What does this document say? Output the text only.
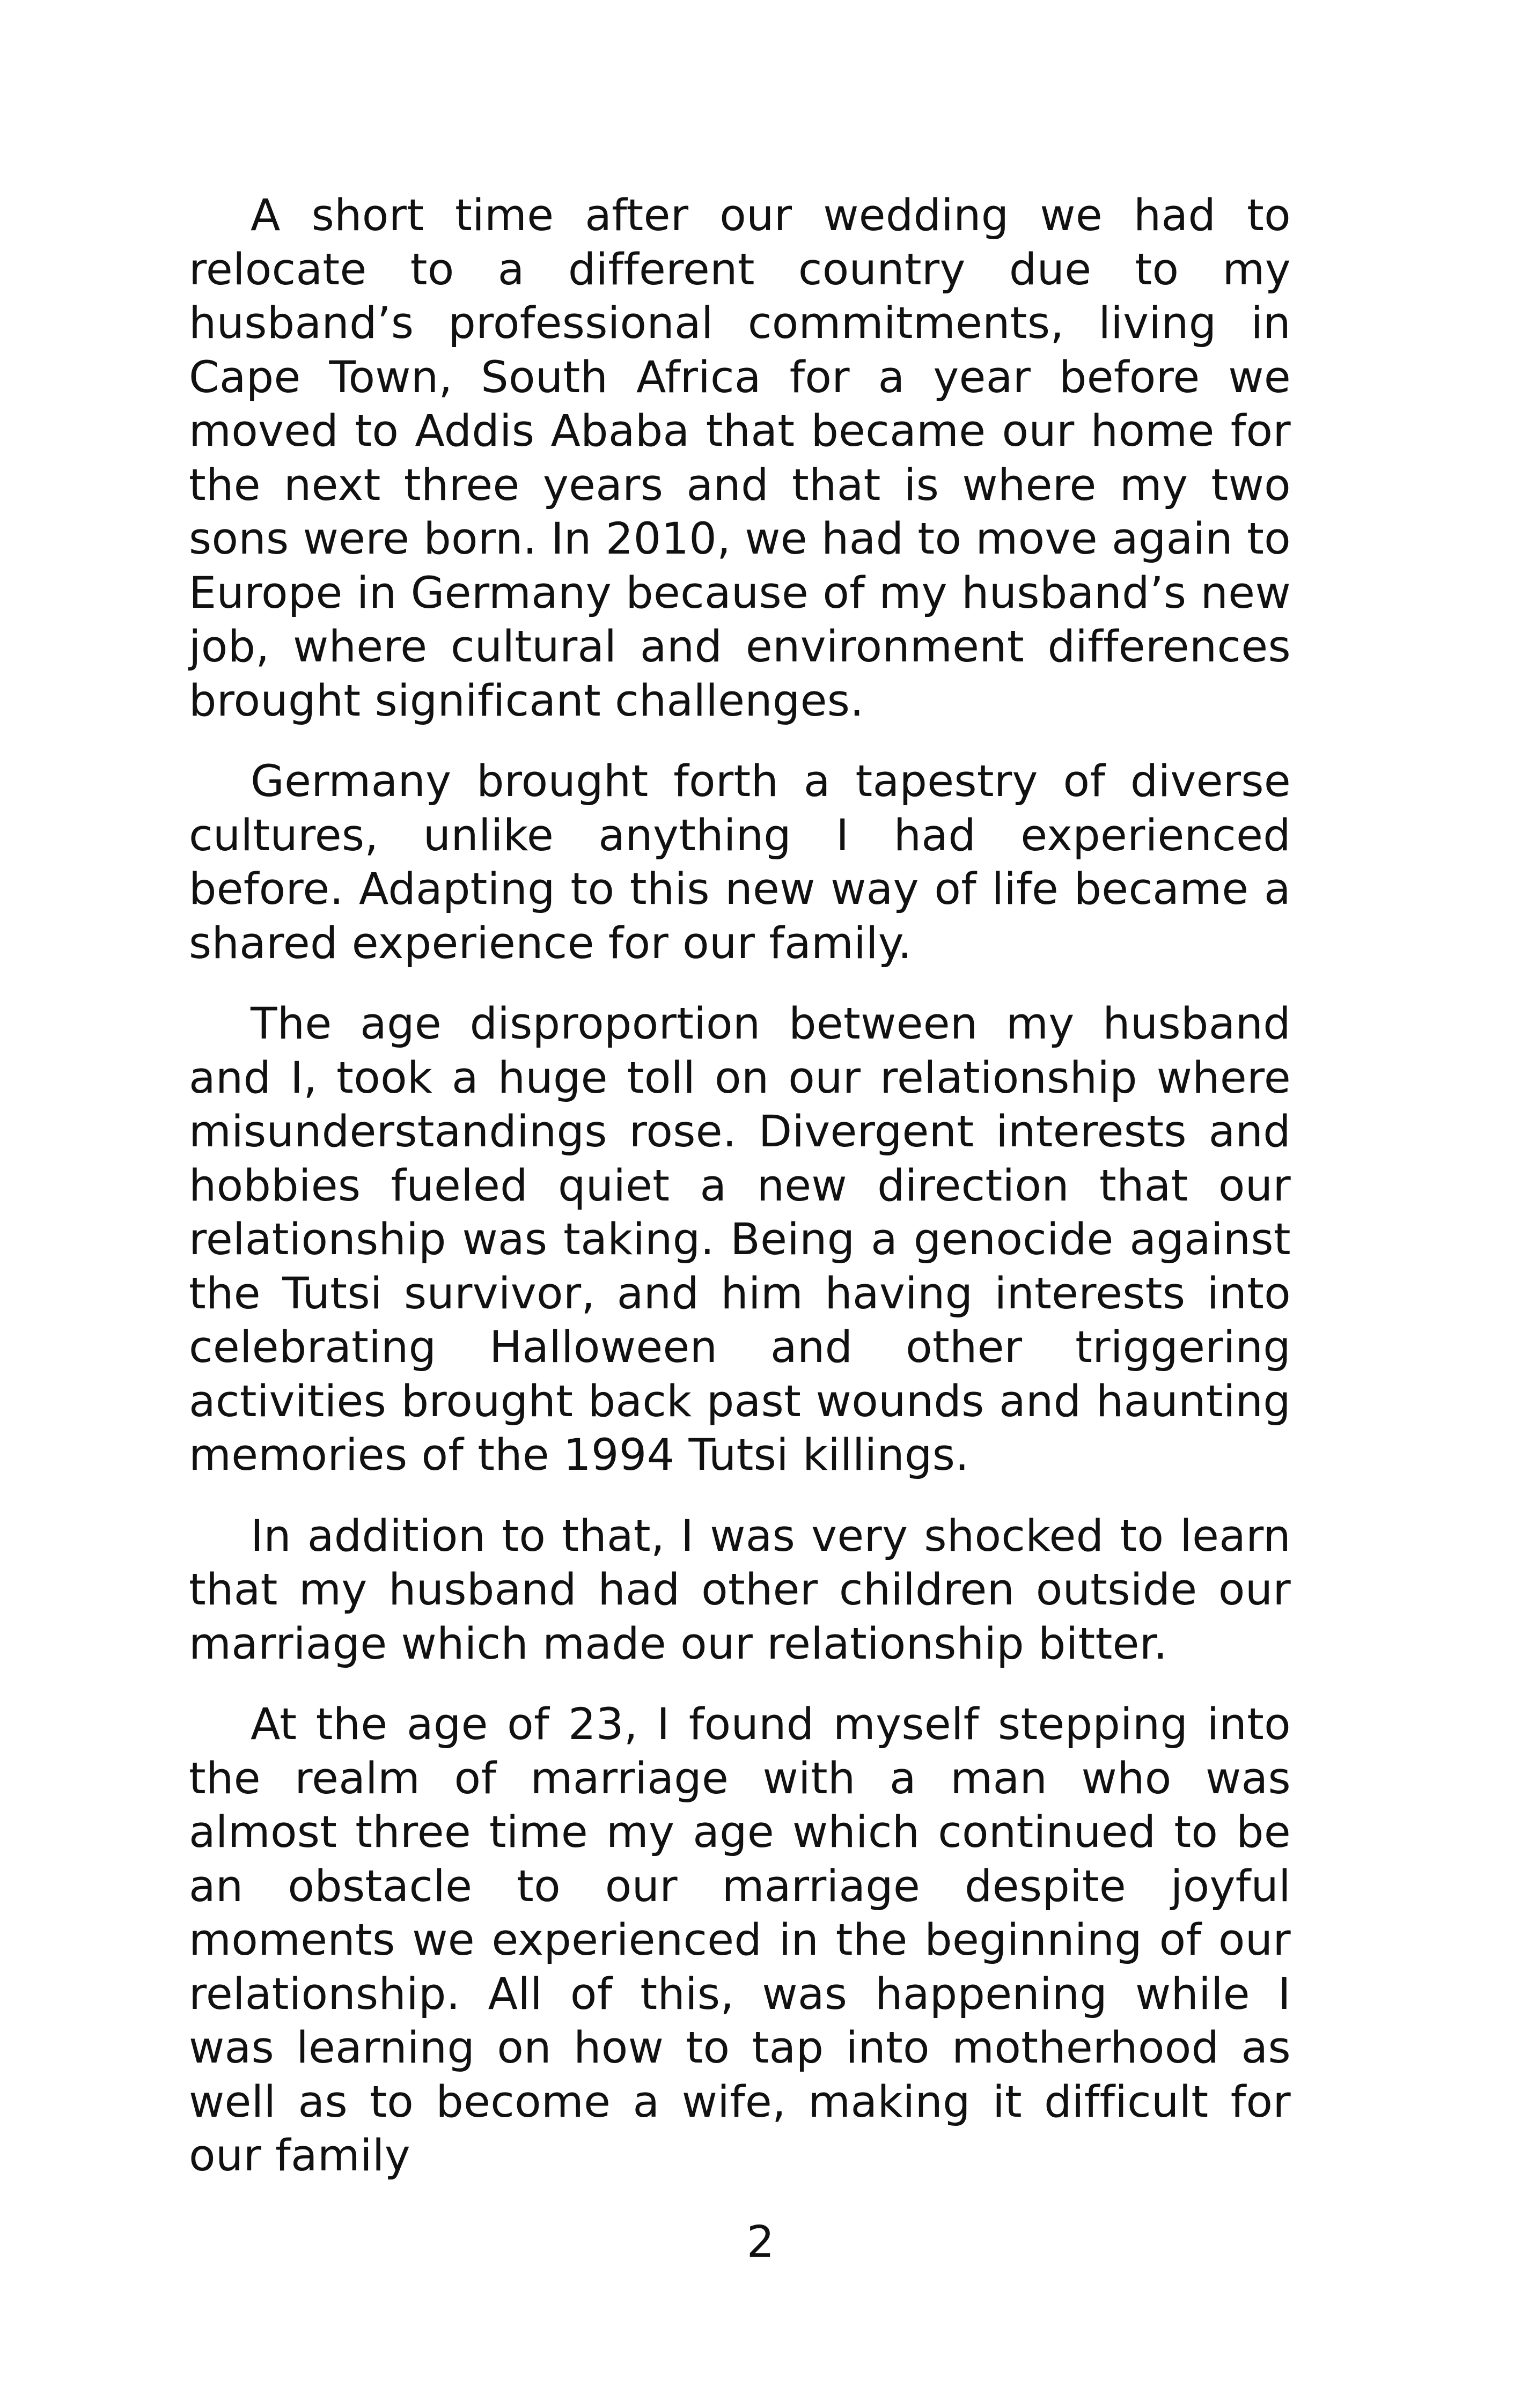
A short time after our wedding we had to relocate to a different country due to my husband’s professional commitments, living in Cape Town, South Africa for a year before we moved to Addis Ababa that became our home for the next three years and that is where my two sons were born. In 2010, we had to move again to Europe in Germany because of my husband’s new job, where cultural and environment differences brought significant challenges.

Germany brought forth a tapestry of diverse cultures, unlike anything I had experienced before. Adapting to this new way of life became a shared experience for our family.

The age disproportion between my husband and I, took a huge toll on our relationship where misunderstandings rose. Divergent interests and hobbies fueled quiet a new direction that our relationship was taking. Being a genocide against the Tutsi survivor, and him having interests into celebrating Halloween and other triggering activities brought back past wounds and haunting memories of the 1994 Tutsi killings.

In addition to that, I was very shocked to learn that my husband had other children outside our marriage which made our relationship bitter.

At the age of 23, I found myself stepping into the realm of marriage with a man who was almost three time my age which continued to be an obstacle to our marriage despite joyful moments we experienced in the beginning of our relationship. All of this, was happening while I was learning on how to tap into motherhood as well as to become a wife, making it difficult for our family

2
